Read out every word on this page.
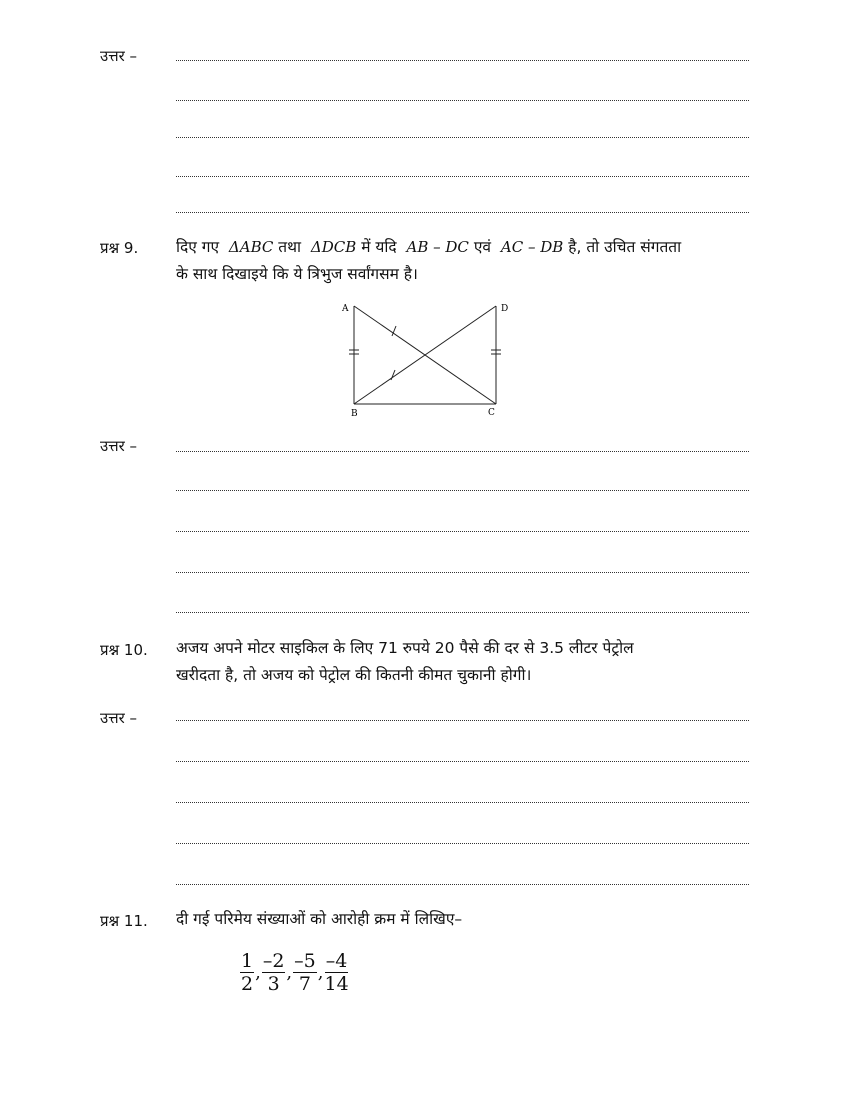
उत्तर –
प्रश्न 9. दिए गए ΔABC तथा ΔDCB में यदि AB – DC एवं AC – DB है, तो उचित संगतता

के साथ दिखाइये कि ये त्रिभुज सर्वांगसम है।

A	D
B	C
उत्तर –
प्रश्न 10. अजय अपने मोटर साइकिल के लिए 71 रुपये 20 पैसे की दर से 3.5 लीटर पेट्रोल

खरीदता है, तो अजय को पेट्रोल की कितनी कीमत चुकानी होगी।

उत्तर –
प्रश्न 11. दी गई परिमेय संख्याओं को आरोही क्रम में लिखिए–

$\frac{1}{2}$ , $\frac{-2}{3}$ , $\frac{-5}{7}$ , $\frac{-4}{14}$
